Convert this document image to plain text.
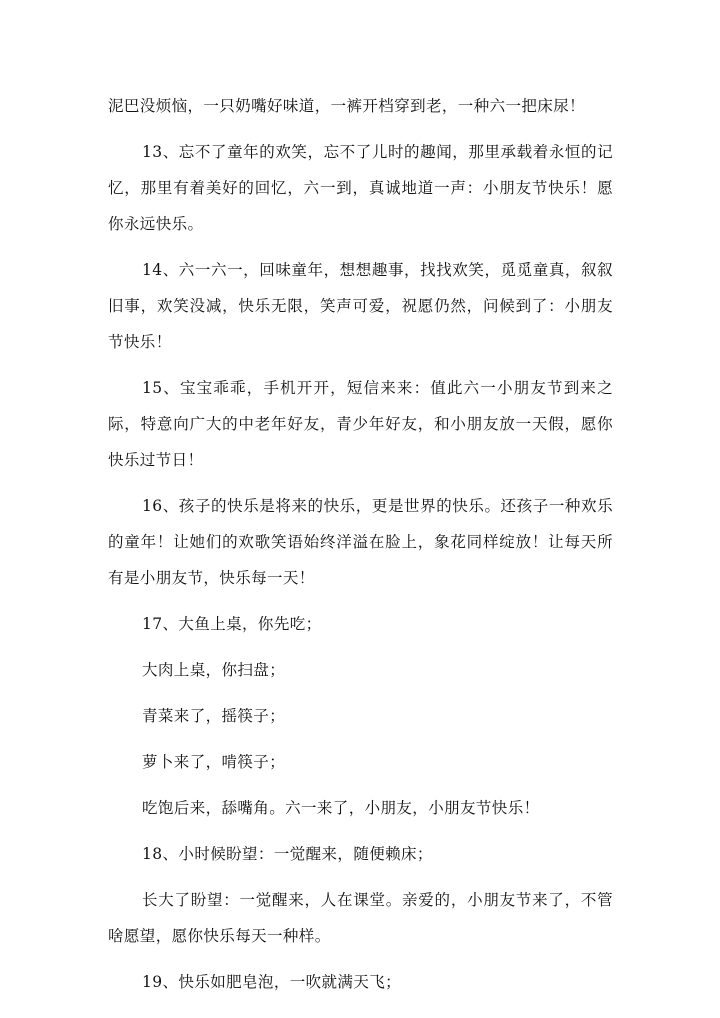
泥巴没烦恼，一只奶嘴好味道，一裤开档穿到老，一种六一把床尿！

13、忘不了童年的欢笑，忘不了儿时的趣闻，那里承载着永恒的记忆，那里有着美好的回忆，六一到，真诚地道一声：小朋友节快乐！愿你永远快乐。

14、六一六一，回味童年，想想趣事，找找欢笑，觅觅童真，叙叙旧事，欢笑没减，快乐无限，笑声可爱，祝愿仍然，问候到了：小朋友节快乐！

15、宝宝乖乖，手机开开，短信来来：值此六一小朋友节到来之际，特意向广大的中老年好友，青少年好友，和小朋友放一天假，愿你快乐过节日！

16、孩子的快乐是将来的快乐，更是世界的快乐。还孩子一种欢乐的童年！让她们的欢歌笑语始终洋溢在脸上，象花同样绽放！让每天所有是小朋友节，快乐每一天！

17、大鱼上桌，你先吃；

大肉上桌，你扫盘；

青菜来了，摇筷子；

萝卜来了，啃筷子；

吃饱后来，舔嘴角。六一来了，小朋友，小朋友节快乐！

18、小时候盼望：一觉醒来，随便赖床；

长大了盼望：一觉醒来，人在课堂。亲爱的，小朋友节来了，不管啥愿望，愿你快乐每天一种样。

19、快乐如肥皂泡，一吹就满天飞；
